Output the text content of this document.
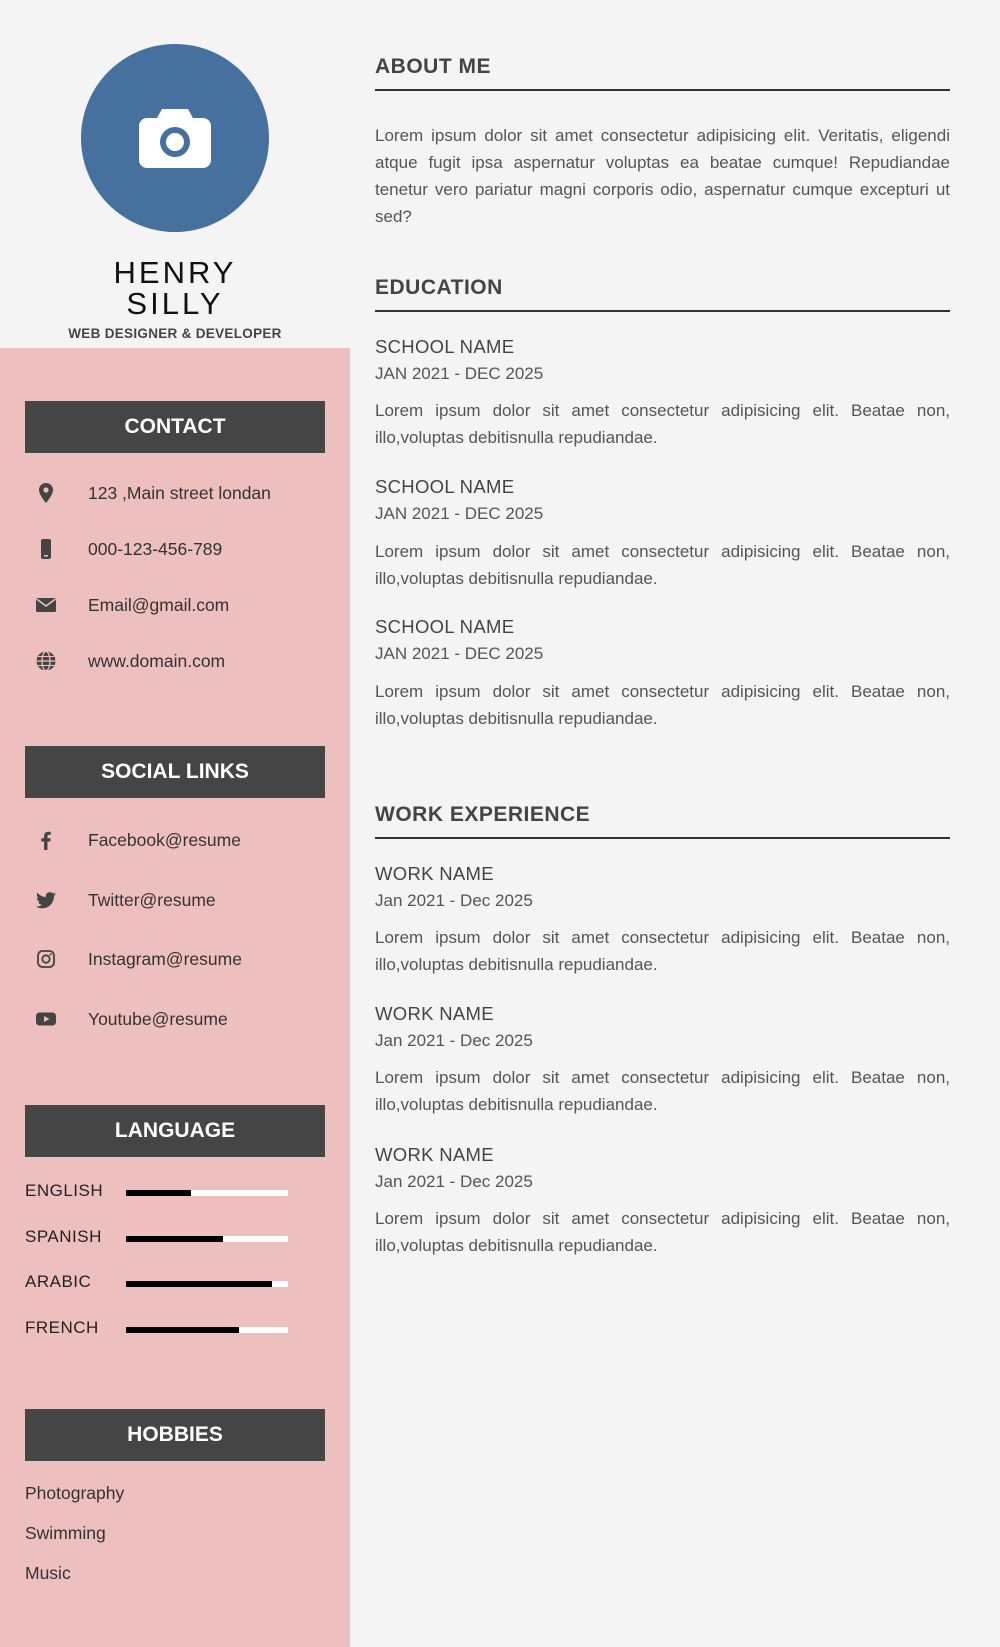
HENRY
SILLY
WEB DESIGNER & DEVELOPER
CONTACT
123 ,Main street londan
000-123-456-789
Email@gmail.com
www.domain.com
SOCIAL LINKS
Facebook@resume
Twitter@resume
Instagram@resume
Youtube@resume
LANGUAGE
ENGLISH
SPANISH
ARABIC
FRENCH
HOBBIES
Photography
Swimming
Music
ABOUT ME
Lorem ipsum dolor sit amet consectetur adipisicing elit. Veritatis, eligendi atque fugit ipsa aspernatur voluptas ea beatae cumque! Repudiandae tenetur vero pariatur magni corporis odio, aspernatur cumque excepturi ut sed?
EDUCATION
SCHOOL NAME
JAN 2021 - DEC 2025
Lorem ipsum dolor sit amet consectetur adipisicing elit. Beatae non, illo,voluptas debitisnulla repudiandae.
SCHOOL NAME
JAN 2021 - DEC 2025
Lorem ipsum dolor sit amet consectetur adipisicing elit. Beatae non, illo,voluptas debitisnulla repudiandae.
SCHOOL NAME
JAN 2021 - DEC 2025
Lorem ipsum dolor sit amet consectetur adipisicing elit. Beatae non, illo,voluptas debitisnulla repudiandae.
WORK EXPERIENCE
WORK NAME
Jan 2021 - Dec 2025
Lorem ipsum dolor sit amet consectetur adipisicing elit. Beatae non, illo,voluptas debitisnulla repudiandae.
WORK NAME
Jan 2021 - Dec 2025
Lorem ipsum dolor sit amet consectetur adipisicing elit. Beatae non, illo,voluptas debitisnulla repudiandae.
WORK NAME
Jan 2021 - Dec 2025
Lorem ipsum dolor sit amet consectetur adipisicing elit. Beatae non, illo,voluptas debitisnulla repudiandae.
